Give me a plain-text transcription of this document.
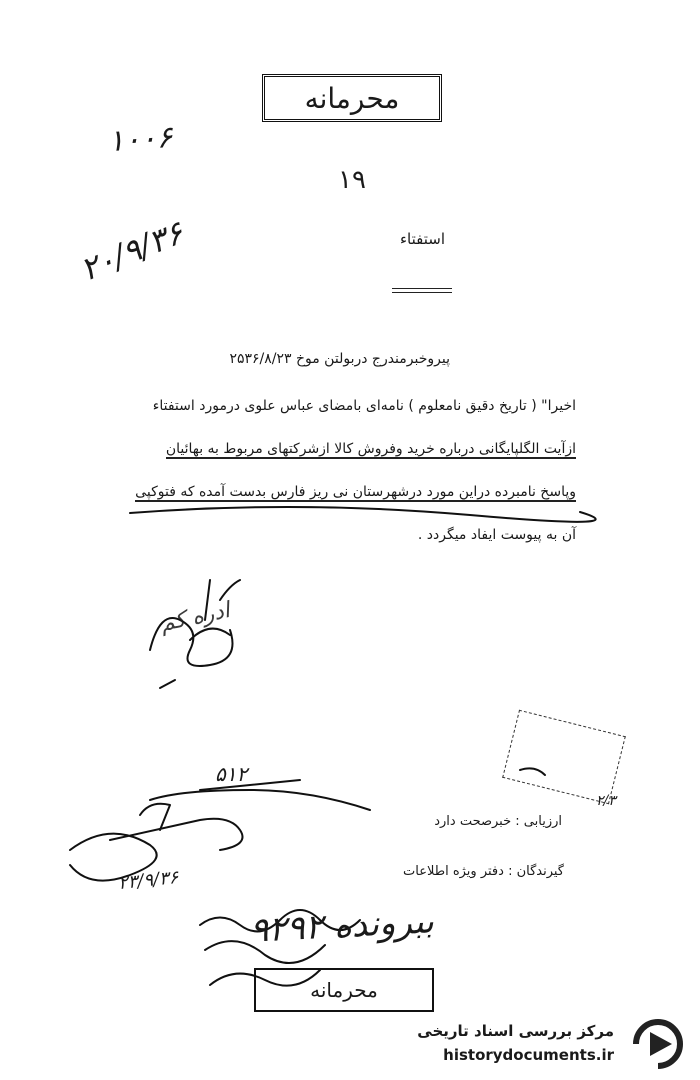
محرمانه
۱۰۰۶
۱۹
۲۰/۹/۳۶	استفتاء
پیروخبرمندرج دربولتن موخ ۲۵۳۶/۸/۲۳
اخیرا" ( تاریخ دقیق نامعلوم ) نامه‌ای بامضای عباس علوی درمورد استفتاء
ازآیت الگلپایگانی درباره خرید وفروش کالا ازشرکتهای مربوط به بهائیان
وپاسخ نامبرده دراین مورد درشهرستان نی ریز فارس بدست آمده که فتوکپی
آن به پیوست ایفاد میگردد .
ادره کم
۵۱۲
۲/۳
ارزیابی : خبرصحت دارد
گیرندگان : دفتر ویژه اطلاعات
۲۳/۹/۳۶
ببرونده ۹۲۹۲
محرمانه
مرکز بررسی اسناد تاریخی
historydocuments.ir
